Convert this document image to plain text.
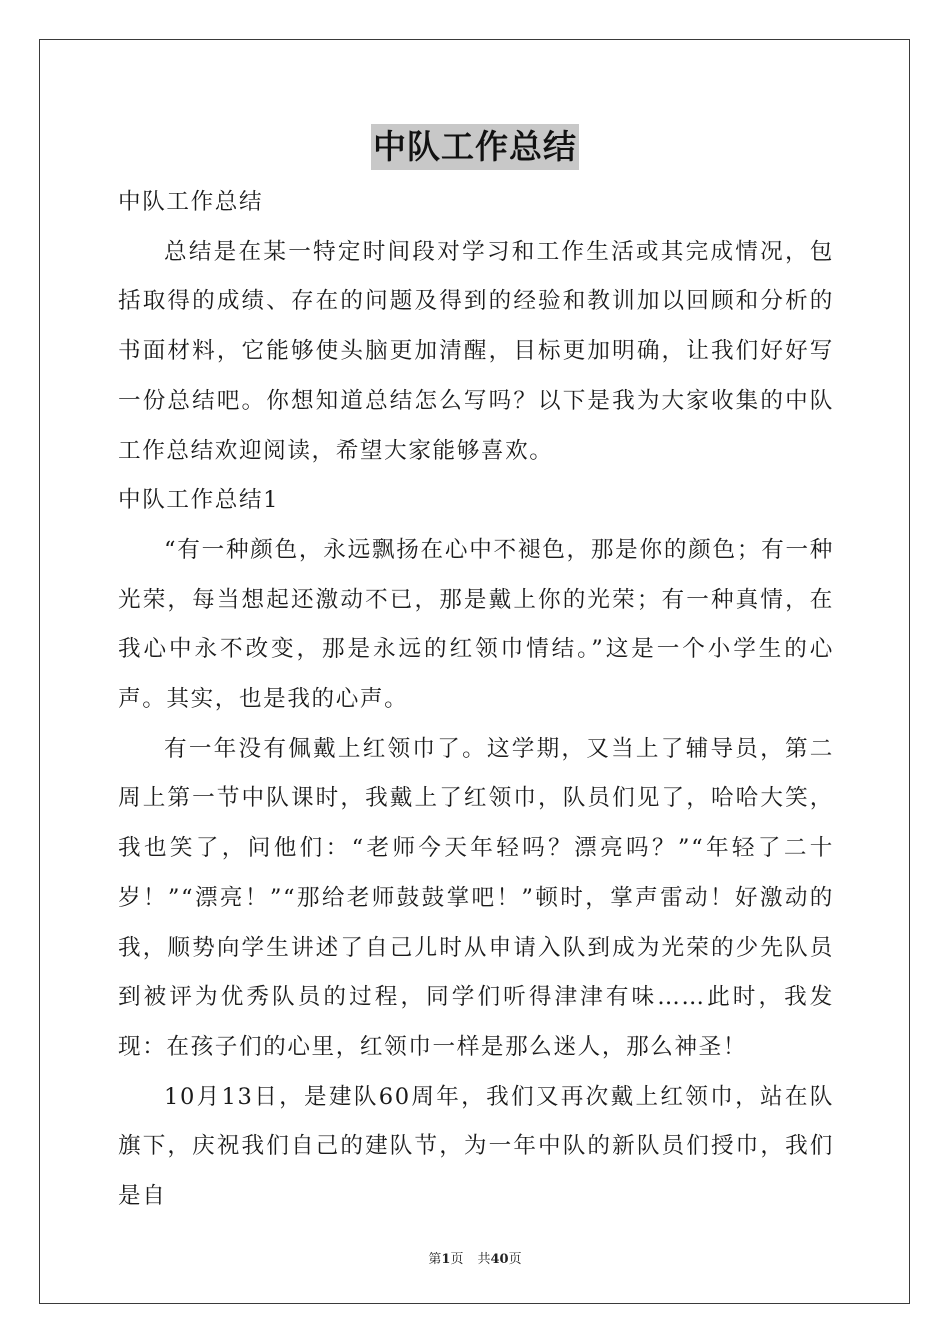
中队工作总结

中队工作总结

总结是在某一特定时间段对学习和工作生活或其完成情况，包括取得的成绩、存在的问题及得到的经验和教训加以回顾和分析的书面材料，它能够使头脑更加清醒，目标更加明确，让我们好好写一份总结吧。你想知道总结怎么写吗？以下是我为大家收集的中队工作总结欢迎阅读，希望大家能够喜欢。

中队工作总结1

“有一种颜色，永远飘扬在心中不褪色，那是你的颜色；有一种光荣，每当想起还激动不已，那是戴上你的光荣；有一种真情，在我心中永不改变，那是永远的红领巾情结。”这是一个小学生的心声。其实，也是我的心声。

有一年没有佩戴上红领巾了。这学期，又当上了辅导员，第二周上第一节中队课时，我戴上了红领巾，队员们见了，哈哈大笑，我也笑了，问他们：“老师今天年轻吗？漂亮吗？”“年轻了二十岁！”“漂亮！”“那给老师鼓鼓掌吧！”顿时，掌声雷动！好激动的我，顺势向学生讲述了自己儿时从申请入队到成为光荣的少先队员到被评为优秀队员的过程，同学们听得津津有味……此时，我发现：在孩子们的心里，红领巾一样是那么迷人，那么神圣！

10月13日，是建队60周年，我们又再次戴上红领巾，站在队旗下，庆祝我们自己的建队节，为一年中队的新队员们授巾，我们是自

第1页 共40页
